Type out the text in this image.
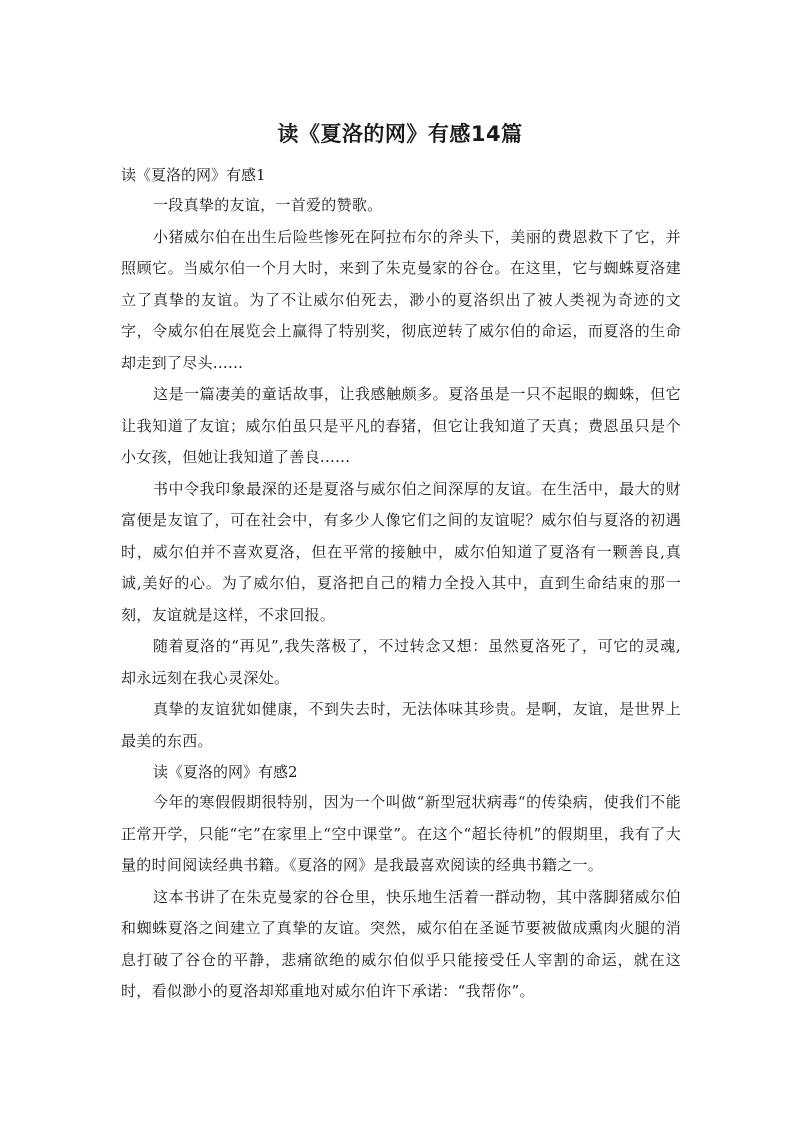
读《夏洛的网》有感14篇
读《夏洛的网》有感1

一段真挚的友谊，一首爱的赞歌。

小猪威尔伯在出生后险些惨死在阿拉布尔的斧头下，美丽的费恩救下了它，并照顾它。当威尔伯一个月大时，来到了朱克曼家的谷仓。在这里，它与蜘蛛夏洛建立了真挚的友谊。为了不让威尔伯死去，渺小的夏洛织出了被人类视为奇迹的文字，令威尔伯在展览会上赢得了特别奖，彻底逆转了威尔伯的命运，而夏洛的生命却走到了尽头......

这是一篇凄美的童话故事，让我感触颇多。夏洛虽是一只不起眼的蜘蛛，但它让我知道了友谊；威尔伯虽只是平凡的春猪，但它让我知道了天真；费恩虽只是个小女孩，但她让我知道了善良......

书中令我印象最深的还是夏洛与威尔伯之间深厚的友谊。在生活中，最大的财富便是友谊了，可在社会中，有多少人像它们之间的友谊呢？威尔伯与夏洛的初遇时，威尔伯并不喜欢夏洛，但在平常的接触中，威尔伯知道了夏洛有一颗善良,真诚,美好的心。为了威尔伯，夏洛把自己的精力全投入其中，直到生命结束的那一刻，友谊就是这样，不求回报。

随着夏洛的“再见”,我失落极了，不过转念又想：虽然夏洛死了，可它的灵魂,却永远刻在我心灵深处。

真挚的友谊犹如健康，不到失去时，无法体味其珍贵。是啊，友谊，是世界上最美的东西。

读《夏洛的网》有感2

今年的寒假假期很特别，因为一个叫做“新型冠状病毒“的传染病，使我们不能正常开学，只能“宅”在家里上“空中课堂”。在这个“超长待机”的假期里，我有了大量的时间阅读经典书籍。《夏洛的网》是我最喜欢阅读的经典书籍之一。

这本书讲了在朱克曼家的谷仓里，快乐地生活着一群动物，其中落脚猪威尔伯和蜘蛛夏洛之间建立了真挚的友谊。突然，威尔伯在圣诞节要被做成熏肉火腿的消息打破了谷仓的平静，悲痛欲绝的威尔伯似乎只能接受任人宰割的命运，就在这时，看似渺小的夏洛却郑重地对威尔伯许下承诺：“我帮你”。
